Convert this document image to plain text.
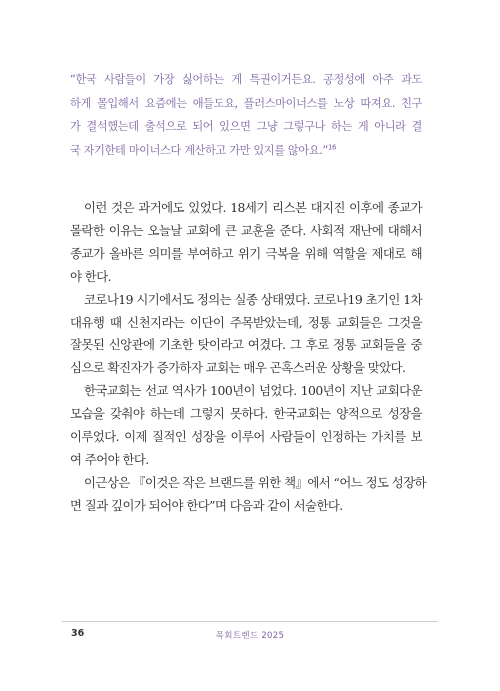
“한국 사람들이 가장 싫어하는 게 특권이거든요. 공정성에 아주 과도
하게 몰입해서 요즘에는 애들도요, 플러스마이너스를 노상 따져요. 친구
가 결석했는데 출석으로 되어 있으면 그냥 그렇구나 하는 게 아니라 결
국 자기한테 마이너스다 계산하고 가만 있지를 않아요.”$^{16}$
이런 것은 과거에도 있었다. 18세기 리스본 대지진 이후에 종교가
몰락한 이유는 오늘날 교회에 큰 교훈을 준다. 사회적 재난에 대해서
종교가 올바른 의미를 부여하고 위기 극복을 위해 역할을 제대로 해
야 한다.
코로나19 시기에서도 정의는 실종 상태였다. 코로나19 초기인 1차
대유행 때 신천지라는 이단이 주목받았는데, 정통 교회들은 그것을
잘못된 신앙관에 기초한 탓이라고 여겼다. 그 후로 정통 교회들을 중
심으로 확진자가 증가하자 교회는 매우 곤혹스러운 상황을 맞았다.
한국교회는 선교 역사가 100년이 넘었다. 100년이 지난 교회다운
모습을 갖춰야 하는데 그렇지 못하다. 한국교회는 양적으로 성장을
이루었다. 이제 질적인 성장을 이루어 사람들이 인정하는 가치를 보
여 주어야 한다.
이근상은 『이것은 작은 브랜드를 위한 책』에서 “어느 정도 성장하
면 질과 깊이가 되어야 한다”며 다음과 같이 서술한다.
36	목회트렌드 2025
